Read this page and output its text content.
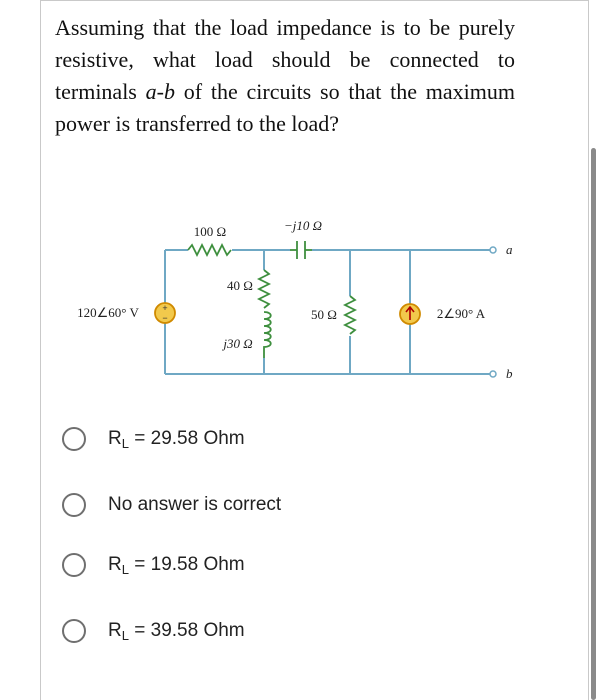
Assuming that the load impedance is to be purely resistive, what load should be connected to terminals a-b of the circuits so that the maximum power is transferred to the load?

+
−
100 Ω	−j10 Ω
40 Ω
j30 Ω
50 Ω
120∠60° V	2∠90° A
a
b
$R_L = 29.58$ Ohm
No answer is correct
$R_L = 19.58$ Ohm
$R_L = 39.58$ Ohm
